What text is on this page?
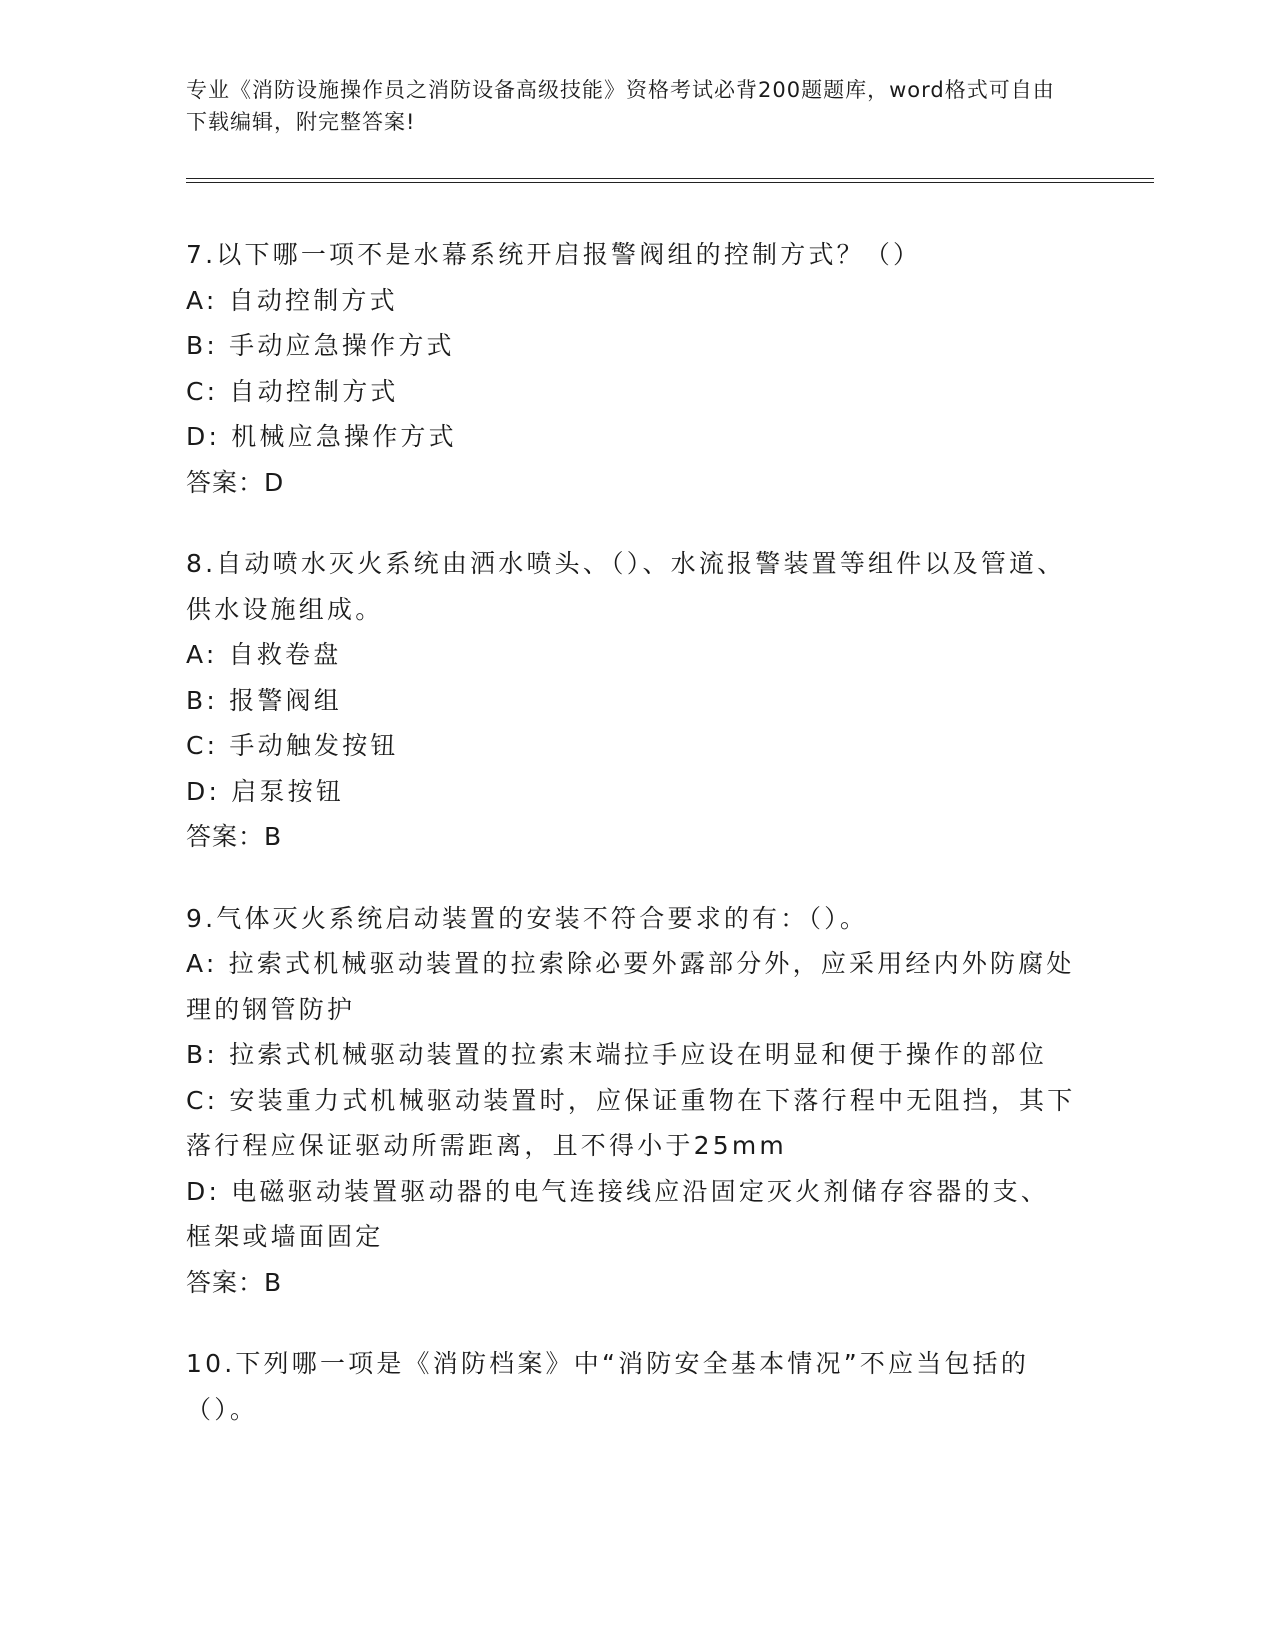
专业《消防设施操作员之消防设备高级技能》资格考试必背200题题库，word格式可自由下载编辑，附完整答案!
7.以下哪一项不是水幕系统开启报警阀组的控制方式？（）
A: 自动控制方式
B: 手动应急操作方式
C: 自动控制方式
D: 机械应急操作方式
答案：D
8.自动喷水灭火系统由洒水喷头、（）、水流报警装置等组件以及管道、供水设施组成。
A: 自救卷盘
B: 报警阀组
C: 手动触发按钮
D: 启泵按钮
答案：B
9.气体灭火系统启动装置的安装不符合要求的有：（）。
A: 拉索式机械驱动装置的拉索除必要外露部分外，应采用经内外防腐处理的钢管防护
B: 拉索式机械驱动装置的拉索末端拉手应设在明显和便于操作的部位
C: 安装重力式机械驱动装置时，应保证重物在下落行程中无阻挡，其下落行程应保证驱动所需距离，且不得小于25mm
D: 电磁驱动装置驱动器的电气连接线应沿固定灭火剂储存容器的支、框架或墙面固定
答案：B
10.下列哪一项是《消防档案》中“消防安全基本情况”不应当包括的（）。
